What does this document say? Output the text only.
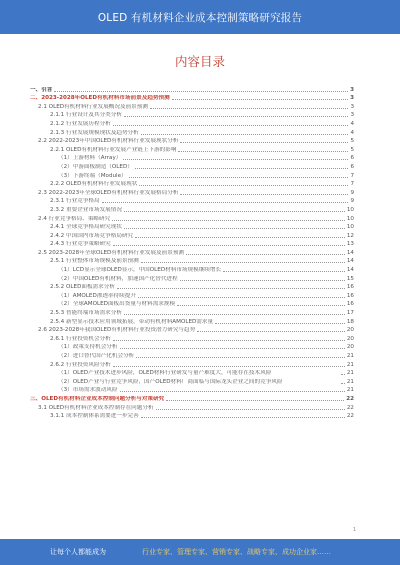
OLED 有机材料企业成本控制策略研究报告
内容目录
一、引言	3
二、2023-2028年OLED有机材料市场前景及趋势预测	3
2.1 OLED有机材料行业发展概况及前景预测	3
2.1.1 行业设计及其分类分析	3
2.1.2 行业发展历程分析	4
2.1.3 行业发展规模现状及趋势分析	4
2.2 2022-2023年中国OLED有机材料行业发展现状分析	5
2.2.1 OLED有机材料行业发展产业链上下游的影响	5
（1）上游材料（Array）	6
（2）中游面板制造（OLED）	6
（3）下游终端（Module）	7
2.2.2 OLED有机材料行业发展现状	7
2.3 2022-2023年全球OLED有机材料行业发展格局分析	9
2.3.1 行业竞争格局	9
2.3.2 重要企业市场发展情况	10
2.4 行业竞争格局、策略研究	10
2.4.1 全球竞争格局研究现状	10
2.4.2 中国国内市场竞争格局研究	12
2.4.3 行业竞争策略研究	13
2.5 2023-2028年全球OLED有机材料行业发展及前景预测	14
2.5.1 行业整体市场规模及前景预测	14
（1）LCD显示全球OLED显示，中国OLED材料市场规模继续增长	14
（2）中国OLED有机材料，加速国产化替代进程	15
2.5.2 OLED面板需求分析	16
（1）AMOLED渗透率持续提升	16
（2）全球AMOLED面板出货量与材料需求规模	16
2.5.3 智能终端市场需求分析	17
2.5.4 新型显示技术应用领域拓展，带动有机材料AMOLED需求量	18
2.6 2023-2028年我国OLED有机材料行业投资潜力研究与趋势	20
2.6.1 行业投资机会分析	20
（1）政策支持机会分析	20
（2）进口替代国产化机会分析	21
2.6.2 行业投资风险分析	21
（1）OLED产业技术进步风险，OLED材料行业研发与量产难度大，可能存在技术风险	21
（2）OLED产业与行业竞争风险，国产OLED材料厂商面临与国际龙头企业之间的竞争风险	21
（3）市场需求波动风险	21
三、OLED有机材料企业成本控制问题分析与对策研究	22
3.1 OLED有机材料企业成本控制存在问题分析	22
3.1.1 成本控制体系需要进一步完善	22
1
让每个人都能成为	行业专家、管理专家、营销专家、战略专家、成功企业家……
